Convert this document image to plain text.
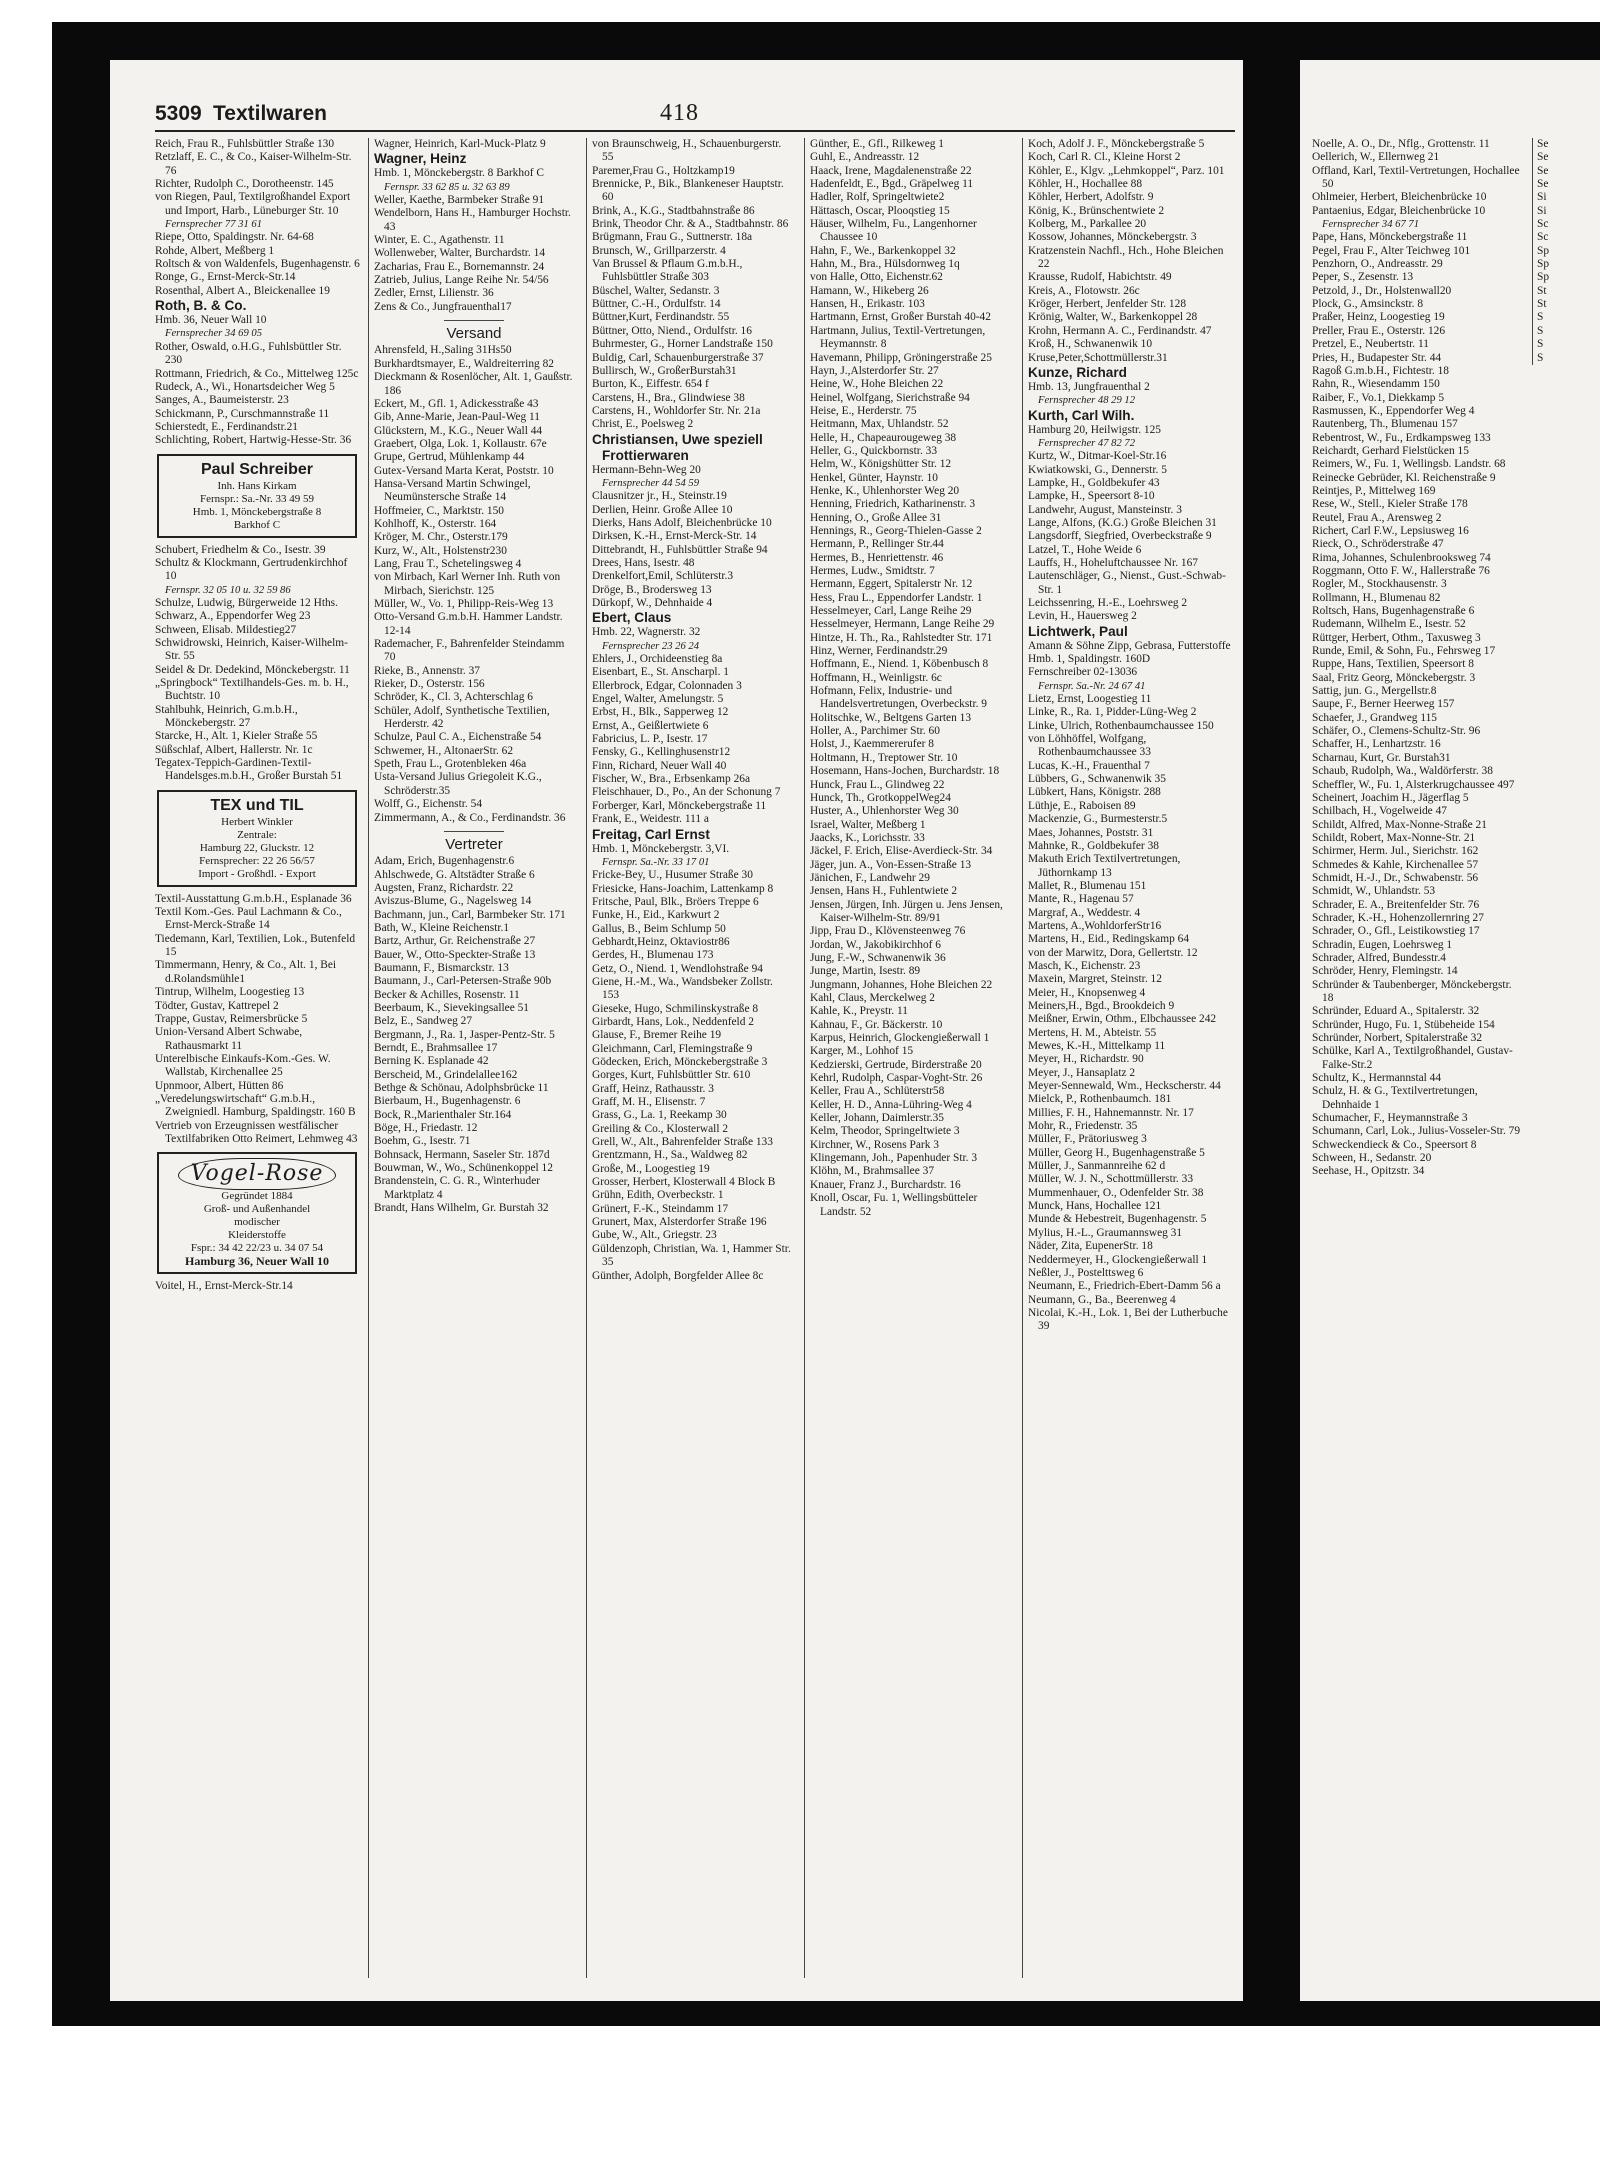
5309 Textilwaren	418
Reich, Frau R., Fuhlsbüttler Straße 130
Retzlaff, E. C., & Co., Kaiser-Wilhelm-Str. 76
Richter, Rudolph C., Dorotheenstr. 145
von Riegen, Paul, Textilgroßhandel Export und Import, Harb., Lüneburger Str. 10
Fernsprecher 77 31 61
Riepe, Otto, Spaldingstr. Nr. 64-68
Rohde, Albert, Meßberg 1
Roltsch & von Waldenfels, Bugenhagenstr. 6
Ronge, G., Ernst-Merck-Str.14
Rosenthal, Albert A., Bleickenallee 19
Roth, B. & Co.
Hmb. 36, Neuer Wall 10
Fernsprecher 34 69 05
Rother, Oswald, o.H.G., Fuhlsbüttler Str. 230
Rottmann, Friedrich, & Co., Mittelweg 125c
Rudeck, A., Wi., Honartsdeicher Weg 5
Sanges, A., Baumeisterstr. 23
Schickmann, P., Curschmannstraße 11
Schierstedt, E., Ferdinandstr.21
Schlichting, Robert, Hartwig-Hesse-Str. 36
Paul Schreiber
Inh. Hans Kirkam
Fernspr.: Sa.-Nr. 33 49 59
Hmb. 1, Mönckebergstraße 8
Barkhof C
Schubert, Friedhelm & Co., Isestr. 39
Schultz & Klockmann, Gertrudenkirchhof 10
Fernspr. 32 05 10 u. 32 59 86
Schulze, Ludwig, Bürgerweide 12 Hths.
Schwarz, A., Eppendorfer Weg 23
Schween, Elisab. Mildestieg27
Schwidrowski, Heinrich, Kaiser-Wilhelm-Str. 55
Seidel & Dr. Dedekind, Mönckebergstr. 11
„Springbock“ Textilhandels-Ges. m. b. H., Buchtstr. 10
Stahlbuhk, Heinrich, G.m.b.H., Mönckebergstr. 27
Starcke, H., Alt. 1, Kieler Straße 55
Süßschlaf, Albert, Hallerstr. Nr. 1c
Tegatex-Teppich-Gardinen-Textil-Handelsges.m.b.H., Großer Burstah 51
TEX und TIL
Herbert Winkler
Zentrale:
Hamburg 22, Gluckstr. 12
Fernsprecher: 22 26 56/57
Import - Großhdl. - Export
Textil-Ausstattung G.m.b.H., Esplanade 36
Textil Kom.-Ges. Paul Lachmann & Co., Ernst-Merck-Straße 14
Tiedemann, Karl, Textilien, Lok., Butenfeld 15
Timmermann, Henry, & Co., Alt. 1, Bei d.Rolandsmühle1
Tintrup, Wilhelm, Loogestieg 13
Tödter, Gustav, Kattrepel 2
Trappe, Gustav, Reimersbrücke 5
Union-Versand Albert Schwabe, Rathausmarkt 11
Unterelbische Einkaufs-Kom.-Ges. W. Wallstab, Kirchenallee 25
Upnmoor, Albert, Hütten 86
„Veredelungswirtschaft“ G.m.b.H., Zweigniedl. Hamburg, Spaldingstr. 160 B
Vertrieb von Erzeugnissen westfälischer Textilfabriken Otto Reimert, Lehmweg 43
Vogel-Rose
Gegründet 1884
Groß- und Außenhandel
modischer
Kleiderstoffe
Fspr.: 34 42 22/23 u. 34 07 54
Hamburg 36, Neuer Wall 10
Voitel, H., Ernst-Merck-Str.14
Wagner, Heinrich, Karl-Muck-Platz 9
Wagner, Heinz
Hmb. 1, Mönckebergstr. 8 Barkhof C
Fernspr. 33 62 85 u. 32 63 89
Weller, Kaethe, Barmbeker Straße 91
Wendelborn, Hans H., Hamburger Hochstr. 43
Winter, E. C., Agathenstr. 11
Wollenweber, Walter, Burchardstr. 14
Zacharias, Frau E., Bornemannstr. 24
Zatrieb, Julius, Lange Reihe Nr. 54/56
Zedler, Ernst, Lilienstr. 36
Zens & Co., Jungfrauenthal17
Versand
Ahrensfeld, H.,Saling 31Hs50
Burkhardtsmayer, E., Waldreiterring 82
Dieckmann & Rosenlöcher, Alt. 1, Gaußstr. 186
Eckert, M., Gfl. 1, Adickesstraße 43
Gib, Anne-Marie, Jean-Paul-Weg 11
Glückstern, M., K.G., Neuer Wall 44
Graebert, Olga, Lok. 1, Kollaustr. 67e
Grupe, Gertrud, Mühlenkamp 44
Gutex-Versand Marta Kerat, Poststr. 10
Hansa-Versand Martin Schwingel, Neumünstersche Straße 14
Hoffmeier, C., Marktstr. 150
Kohlhoff, K., Osterstr. 164
Kröger, M. Chr., Osterstr.179
Kurz, W., Alt., Holstenstr230
Lang, Frau T., Schetelingsweg 4
von Mirbach, Karl Werner Inh. Ruth von Mirbach, Sierichstr. 125
Müller, W., Vo. 1, Philipp-Reis-Weg 13
Otto-Versand G.m.b.H. Hammer Landstr. 12-14
Rademacher, F., Bahrenfelder Steindamm 70
Rieke, B., Annenstr. 37
Rieker, D., Osterstr. 156
Schröder, K., Cl. 3, Achterschlag 6
Schüler, Adolf, Synthetische Textilien, Herderstr. 42
Schulze, Paul C. A., Eichenstraße 54
Schwemer, H., AltonaerStr. 62
Speth, Frau L., Grotenbleken 46a
Usta-Versand Julius Griegoleit K.G., Schröderstr.35
Wolff, G., Eichenstr. 54
Zimmermann, A., & Co., Ferdinandstr. 36
Vertreter
Adam, Erich, Bugenhagenstr.6
Ahlschwede, G. Altstädter Straße 6
Augsten, Franz, Richardstr. 22
Aviszus-Blume, G., Nagelsweg 14
Bachmann, jun., Carl, Barmbeker Str. 171
Bath, W., Kleine Reichenstr.1
Bartz, Arthur, Gr. Reichenstraße 27
Bauer, W., Otto-Speckter-Straße 13
Baumann, F., Bismarckstr. 13
Baumann, J., Carl-Petersen-Straße 90b
Becker & Achilles, Rosenstr. 11
Beerbaum, K., Sievekingsallee 51
Belz, E., Sandweg 27
Bergmann, J., Ra. 1, Jasper-Pentz-Str. 5
Berndt, E., Brahmsallee 17
Berning K. Esplanade 42
Berscheid, M., Grindelallee162
Bethge & Schönau, Adolphsbrücke 11
Bierbaum, H., Bugenhagenstr. 6
Bock, R.,Marienthaler Str.164
Böge, H., Friedastr. 12
Boehm, G., Isestr. 71
Bohnsack, Hermann, Saseler Str. 187d
Bouwman, W., Wo., Schünenkoppel 12
Brandenstein, C. G. R., Winterhuder Marktplatz 4
Brandt, Hans Wilhelm, Gr. Burstah 32
von Braunschweig, H., Schauenburgerstr. 55
Paremer,Frau G., Holtzkamp19
Brennicke, P., Bik., Blankeneser Hauptstr. 60
Brink, A., K.G., Stadtbahnstraße 86
Brink, Theodor Chr. & A., Stadtbahnstr. 86
Brügmann, Frau G., Suttnerstr. 18a
Brunsch, W., Grillparzerstr. 4
Van Brussel & Pflaum G.m.b.H., Fuhlsbüttler Straße 303
Büschel, Walter, Sedanstr. 3
Büttner, C.-H., Ordulfstr. 14
Büttner,Kurt, Ferdinandstr. 55
Büttner, Otto, Niend., Ordulfstr. 16
Buhrmester, G., Horner Landstraße 150
Buldig, Carl, Schauenburgerstraße 37
Bullirsch, W., GroßerBurstah31
Burton, K., Eiffestr. 654 f
Carstens, H., Bra., Glindwiese 38
Carstens, H., Wohldorfer Str. Nr. 21a
Christ, E., Poelsweg 2
Christiansen, Uwe speziell Frottierwaren
Hermann-Behn-Weg 20
Fernsprecher 44 54 59
Clausnitzer jr., H., Steinstr.19
Derlien, Heinr. Große Allee 10
Dierks, Hans Adolf, Bleichenbrücke 10
Dirksen, K.-H., Ernst-Merck-Str. 14
Dittebrandt, H., Fuhlsbüttler Straße 94
Drees, Hans, Isestr. 48
Drenkelfort,Emil, Schlüterstr.3
Dröge, B., Brodersweg 13
Dürkopf, W., Dehnhaide 4
Ebert, Claus
Hmb. 22, Wagnerstr. 32
Fernsprecher 23 26 24
Ehlers, J., Orchideenstieg 8a
Eisenbart, E., St. Anscharpl. 1
Ellerbrock, Edgar, Colonnaden 3
Engel, Walter, Amelungstr. 5
Erbst, H., Blk., Sapperweg 12
Ernst, A., Geißlertwiete 6
Fabricius, L. P., Isestr. 17
Fensky, G., Kellinghusenstr12
Finn, Richard, Neuer Wall 40
Fischer, W., Bra., Erbsenkamp 26a
Fleischhauer, D., Po., An der Schonung 7
Forberger, Karl, Mönckebergstraße 11
Frank, E., Weidestr. 111 a
Freitag, Carl Ernst
Hmb. 1, Mönckebergstr. 3,VI.
Fernspr. Sa.-Nr. 33 17 01
Fricke-Bey, U., Husumer Straße 30
Friesicke, Hans-Joachim, Lattenkamp 8
Fritsche, Paul, Blk., Bröers Treppe 6
Funke, H., Eid., Karkwurt 2
Gallus, B., Beim Schlump 50
Gebhardt,Heinz, Oktaviostr86
Gerdes, H., Blumenau 173
Getz, O., Niend. 1, Wendlohstraße 94
Giene, H.-M., Wa., Wandsbeker Zollstr. 153
Gieseke, Hugo, Schmilinskystraße 8
Girbardt, Hans, Lok., Neddenfeld 2
Glause, F., Bremer Reihe 19
Gleichmann, Carl, Flemingstraße 9
Gödecken, Erich, Mönckebergstraße 3
Gorges, Kurt, Fuhlsbüttler Str. 610
Graff, Heinz, Rathausstr. 3
Graff, M. H., Elisenstr. 7
Grass, G., La. 1, Reekamp 30
Greiling & Co., Klosterwall 2
Grell, W., Alt., Bahrenfelder Straße 133
Grentzmann, H., Sa., Waldweg 82
Große, M., Loogestieg 19
Grosser, Herbert, Klosterwall 4 Block B
Grühn, Edith, Overbeckstr. 1
Grünert, F.-K., Steindamm 17
Grunert, Max, Alsterdorfer Straße 196
Gube, W., Alt., Griegstr. 23
Güldenzoph, Christian, Wa. 1, Hammer Str. 35
Günther, Adolph, Borgfelder Allee 8c
Günther, E., Gfl., Rilkeweg 1
Guhl, E., Andreasstr. 12
Haack, Irene, Magdalenenstraße 22
Hadenfeldt, E., Bgd., Gräpelweg 11
Hadler, Rolf, Springeltwiete2
Hättasch, Oscar, Plooqstieg 15
Häuser, Wilhelm, Fu., Langenhorner Chaussee 10
Hahn, F., We., Barkenkoppel 32
Hahn, M., Bra., Hülsdornweg 1q
von Halle, Otto, Eichenstr.62
Hamann, W., Hikeberg 26
Hansen, H., Erikastr. 103
Hartmann, Ernst, Großer Burstah 40-42
Hartmann, Julius, Textil-Vertretungen, Heymannstr. 8
Havemann, Philipp, Gröningerstraße 25
Hayn, J.,Alsterdorfer Str. 27
Heine, W., Hohe Bleichen 22
Heinel, Wolfgang, Sierichstraße 94
Heise, E., Herderstr. 75
Heitmann, Max, Uhlandstr. 52
Helle, H., Chapeaurougeweg 38
Heller, G., Quickbornstr. 33
Helm, W., Königshütter Str. 12
Henkel, Günter, Haynstr. 10
Henke, K., Uhlenhorster Weg 20
Henning, Friedrich, Katharinenstr. 3
Henning, O., Große Allee 31
Hennings, R., Georg-Thielen-Gasse 2
Hermann, P., Rellinger Str.44
Hermes, B., Henriettenstr. 46
Hermes, Ludw., Smidtstr. 7
Hermann, Eggert, Spitalerstr Nr. 12
Hess, Frau L., Eppendorfer Landstr. 1
Hesselmeyer, Carl, Lange Reihe 29
Hesselmeyer, Hermann, Lange Reihe 29
Hintze, H. Th., Ra., Rahlstedter Str. 171
Hinz, Werner, Ferdinandstr.29
Hoffmann, E., Niend. 1, Köbenbusch 8
Hoffmann, H., Weinligstr. 6c
Hofmann, Felix, Industrie- und Handelsvertretungen, Overbeckstr. 9
Holitschke, W., Beltgens Garten 13
Holler, A., Parchimer Str. 60
Holst, J., Kaemmererufer 8
Holtmann, H., Treptower Str. 10
Hosemann, Hans-Jochen, Burchardstr. 18
Hunck, Frau L., Glindweg 22
Hunck, Th., GrotkoppelWeg24
Huster, A., Uhlenhorster Weg 30
Israel, Walter, Meßberg 1
Jaacks, K., Lorichsstr. 33
Jäckel, F. Erich, Elise-Averdieck-Str. 34
Jäger, jun. A., Von-Essen-Straße 13
Jänichen, F., Landwehr 29
Jensen, Hans H., Fuhlentwiete 2
Jensen, Jürgen, Inh. Jürgen u. Jens Jensen, Kaiser-Wilhelm-Str. 89/91
Jipp, Frau D., Klövensteenweg 76
Jordan, W., Jakobikirchhof 6
Jung, F.-W., Schwanenwik 36
Junge, Martin, Isestr. 89
Jungmann, Johannes, Hohe Bleichen 22
Kahl, Claus, Merckelweg 2
Kahle, K., Preystr. 11
Kahnau, F., Gr. Bäckerstr. 10
Karpus, Heinrich, Glockengießerwall 1
Karger, M., Lohhof 15
Kedzierski, Gertrude, Birderstraße 20
Kehrl, Rudolph, Caspar-Voght-Str. 26
Keller, Frau A., Schlüterstr58
Keller, H. D., Anna-Lühring-Weg 4
Keller, Johann, Daimlerstr.35
Kelm, Theodor, Springeltwiete 3
Kirchner, W., Rosens Park 3
Klingemann, Joh., Papenhuder Str. 3
Klöhn, M., Brahmsallee 37
Knauer, Franz J., Burchardstr. 16
Knoll, Oscar, Fu. 1, Wellingsbütteler Landstr. 52
Koch, Adolf J. F., Mönckebergstraße 5
Koch, Carl R. Cl., Kleine Horst 2
Köhler, E., Klgv. „Lehmkoppel“, Parz. 101
Köhler, H., Hochallee 88
Köhler, Herbert, Adolfstr. 9
König, K., Brünschentwiete 2
Kolberg, M., Parkallee 20
Kossow, Johannes, Mönckebergstr. 3
Kratzenstein Nachfl., Hch., Hohe Bleichen 22
Krausse, Rudolf, Habichtstr. 49
Kreis, A., Flotowstr. 26c
Kröger, Herbert, Jenfelder Str. 128
Krönig, Walter, W., Barkenkoppel 28
Krohn, Hermann A. C., Ferdinandstr. 47
Kroß, H., Schwanenwik 10
Kruse,Peter,Schottmüllerstr.31
Kunze, Richard
Hmb. 13, Jungfrauenthal 2
Fernsprecher 48 29 12
Kurth, Carl Wilh.
Hamburg 20, Heilwigstr. 125
Fernsprecher 47 82 72
Kurtz, W., Ditmar-Koel-Str.16
Kwiatkowski, G., Dennerstr. 5
Lampke, H., Goldbekufer 43
Lampke, H., Speersort 8-10
Landwehr, August, Mansteinstr. 3
Lange, Alfons, (K.G.) Große Bleichen 31
Langsdorff, Siegfried, Overbeckstraße 9
Latzel, T., Hohe Weide 6
Lauffs, H., Hoheluftchaussee Nr. 167
Lautenschläger, G., Nienst., Gust.-Schwab-Str. 1
Leichssenring, H.-E., Loehrsweg 2
Levin, H., Hauersweg 2
Lichtwerk, Paul
Amann & Söhne Zipp, Gebrasa, Futterstoffe
Hmb. 1, Spaldingstr. 160D
Fernschreiber 02-13036
Fernspr. Sa.-Nr. 24 67 41
Lietz, Ernst, Loogestieg 11
Linke, R., Ra. 1, Pidder-Lüng-Weg 2
Linke, Ulrich, Rothenbaumchaussee 150
von Löhhöffel, Wolfgang, Rothenbaumchaussee 33
Lucas, K.-H., Frauenthal 7
Lübbers, G., Schwanenwik 35
Lübkert, Hans, Königstr. 288
Lüthje, E., Raboisen 89
Mackenzie, G., Burmesterstr.5
Maes, Johannes, Poststr. 31
Mahnke, R., Goldbekufer 38
Makuth Erich Textilvertretungen, Jüthornkamp 13
Mallet, R., Blumenau 151
Mante, R., Hagenau 57
Margraf, A., Weddestr. 4
Martens, A.,WohldorferStr16
Martens, H., Eid., Redingskamp 64
von der Marwitz, Dora, Gellertstr. 12
Masch, K., Eichenstr. 23
Maxein, Margret, Steinstr. 12
Meier, H., Knopsenweg 4
Meiners,H., Bgd., Brookdeich 9
Meißner, Erwin, Othm., Elbchaussee 242
Mertens, H. M., Abteistr. 55
Mewes, K.-H., Mittelkamp 11
Meyer, H., Richardstr. 90
Meyer, J., Hansaplatz 2
Meyer-Sennewald, Wm., Heckscherstr. 44
Mielck, P., Rothenbaumch. 181
Millies, F. H., Hahnemannstr. Nr. 17
Mohr, R., Friedenstr. 35
Müller, F., Prätoriusweg 3
Müller, Georg H., Bugenhagenstraße 5
Müller, J., Sanmannreihe 62 d
Müller, W. J. N., Schottmüllerstr. 33
Mummenhauer, O., Odenfelder Str. 38
Munck, Hans, Hochallee 121
Munde & Hebestreit, Bugenhagenstr. 5
Mylius, H.-L., Graumannsweg 31
Näder, Zita, EupenerStr. 18
Neddermeyer, H., Glockengießerwall 1
Neßler, J., Postelttsweg 6
Neumann, E., Friedrich-Ebert-Damm 56 a
Neumann, G., Ba., Beerenweg 4
Nicolai, K.-H., Lok. 1, Bei der Lutherbuche 39
Noelle, A. O., Dr., Nflg., Grottenstr. 11
Oellerich, W., Ellernweg 21
Offland, Karl, Textil-Vertretungen, Hochallee 50
Ohlmeier, Herbert, Bleichenbrücke 10
Pantaenius, Edgar, Bleichenbrücke 10
Fernsprecher 34 67 71
Pape, Hans, Mönckebergstraße 11
Pegel, Frau F., Alter Teichweg 101
Penzhorn, O., Andreasstr. 29
Peper, S., Zesenstr. 13
Petzold, J., Dr., Holstenwall20
Plock, G., Amsinckstr. 8
Praßer, Heinz, Loogestieg 19
Preller, Frau E., Osterstr. 126
Pretzel, E., Neubertstr. 11
Pries, H., Budapester Str. 44
Ragoß G.m.b.H., Fichtestr. 18
Rahn, R., Wiesendamm 150
Raiber, F., Vo.1, Diekkamp 5
Rasmussen, K., Eppendorfer Weg 4
Rautenberg, Th., Blumenau 157
Rebentrost, W., Fu., Erdkampsweg 133
Reichardt, Gerhard Fielstücken 15
Reimers, W., Fu. 1, Wellingsb. Landstr. 68
Reinecke Gebrüder, Kl. Reichenstraße 9
Reintjes, P., Mittelweg 169
Rese, W., Stell., Kieler Straße 178
Reutel, Frau A., Arensweg 2
Richert, Carl F.W., Lepsiusweg 16
Rieck, O., Schröderstraße 47
Rima, Johannes, Schulenbrooksweg 74
Roggmann, Otto F. W., Hallerstraße 76
Rogler, M., Stockhausenstr. 3
Rollmann, H., Blumenau 82
Roltsch, Hans, Bugenhagenstraße 6
Rudemann, Wilhelm E., Isestr. 52
Rüttger, Herbert, Othm., Taxusweg 3
Runde, Emil, & Sohn, Fu., Fehrsweg 17
Ruppe, Hans, Textilien, Speersort 8
Saal, Fritz Georg, Mönckebergstr. 3
Sattig, jun. G., Mergellstr.8
Saupe, F., Berner Heerweg 157
Schaefer, J., Grandweg 115
Schäfer, O., Clemens-Schultz-Str. 96
Schaffer, H., Lenhartzstr. 16
Scharnau, Kurt, Gr. Burstah31
Schaub, Rudolph, Wa., Waldörferstr. 38
Scheffler, W., Fu. 1, Alsterkrugchaussee 497
Scheinert, Joachim H., Jägerflag 5
Schilbach, H., Vogelweide 47
Schildt, Alfred, Max-Nonne-Straße 21
Schildt, Robert, Max-Nonne-Str. 21
Schirmer, Herm. Jul., Sierichstr. 162
Schmedes & Kahle, Kirchenallee 57
Schmidt, H.-J., Dr., Schwabenstr. 56
Schmidt, W., Uhlandstr. 53
Schrader, E. A., Breitenfelder Str. 76
Schrader, K.-H., Hohenzollernring 27
Schrader, O., Gfl., Leistikowstieg 17
Schradin, Eugen, Loehrsweg 1
Schrader, Alfred, Bundesstr.4
Schröder, Henry, Flemingstr. 14
Schründer & Taubenberger, Mönckebergstr. 18
Schründer, Eduard A., Spitalerstr. 32
Schründer, Hugo, Fu. 1, Stübeheide 154
Schründer, Norbert, Spitalerstraße 32
Schülke, Karl A., Textilgroßhandel, Gustav-Falke-Str.2
Schultz, K., Hermannstal 44
Schulz, H. & G., Textilvertretungen, Dehnhaide 1
Schumacher, F., Heymannstraße 3
Schumann, Carl, Lok., Julius-Vosseler-Str. 79
Schweckendieck & Co., Speersort 8
Schween, H., Sedanstr. 20
Seehase, H., Opitzstr. 34
Se
Se
Se
Se
Si
Si
Sc
Sc
Sp
Sp
Sp
St
St
S
S
S
S
